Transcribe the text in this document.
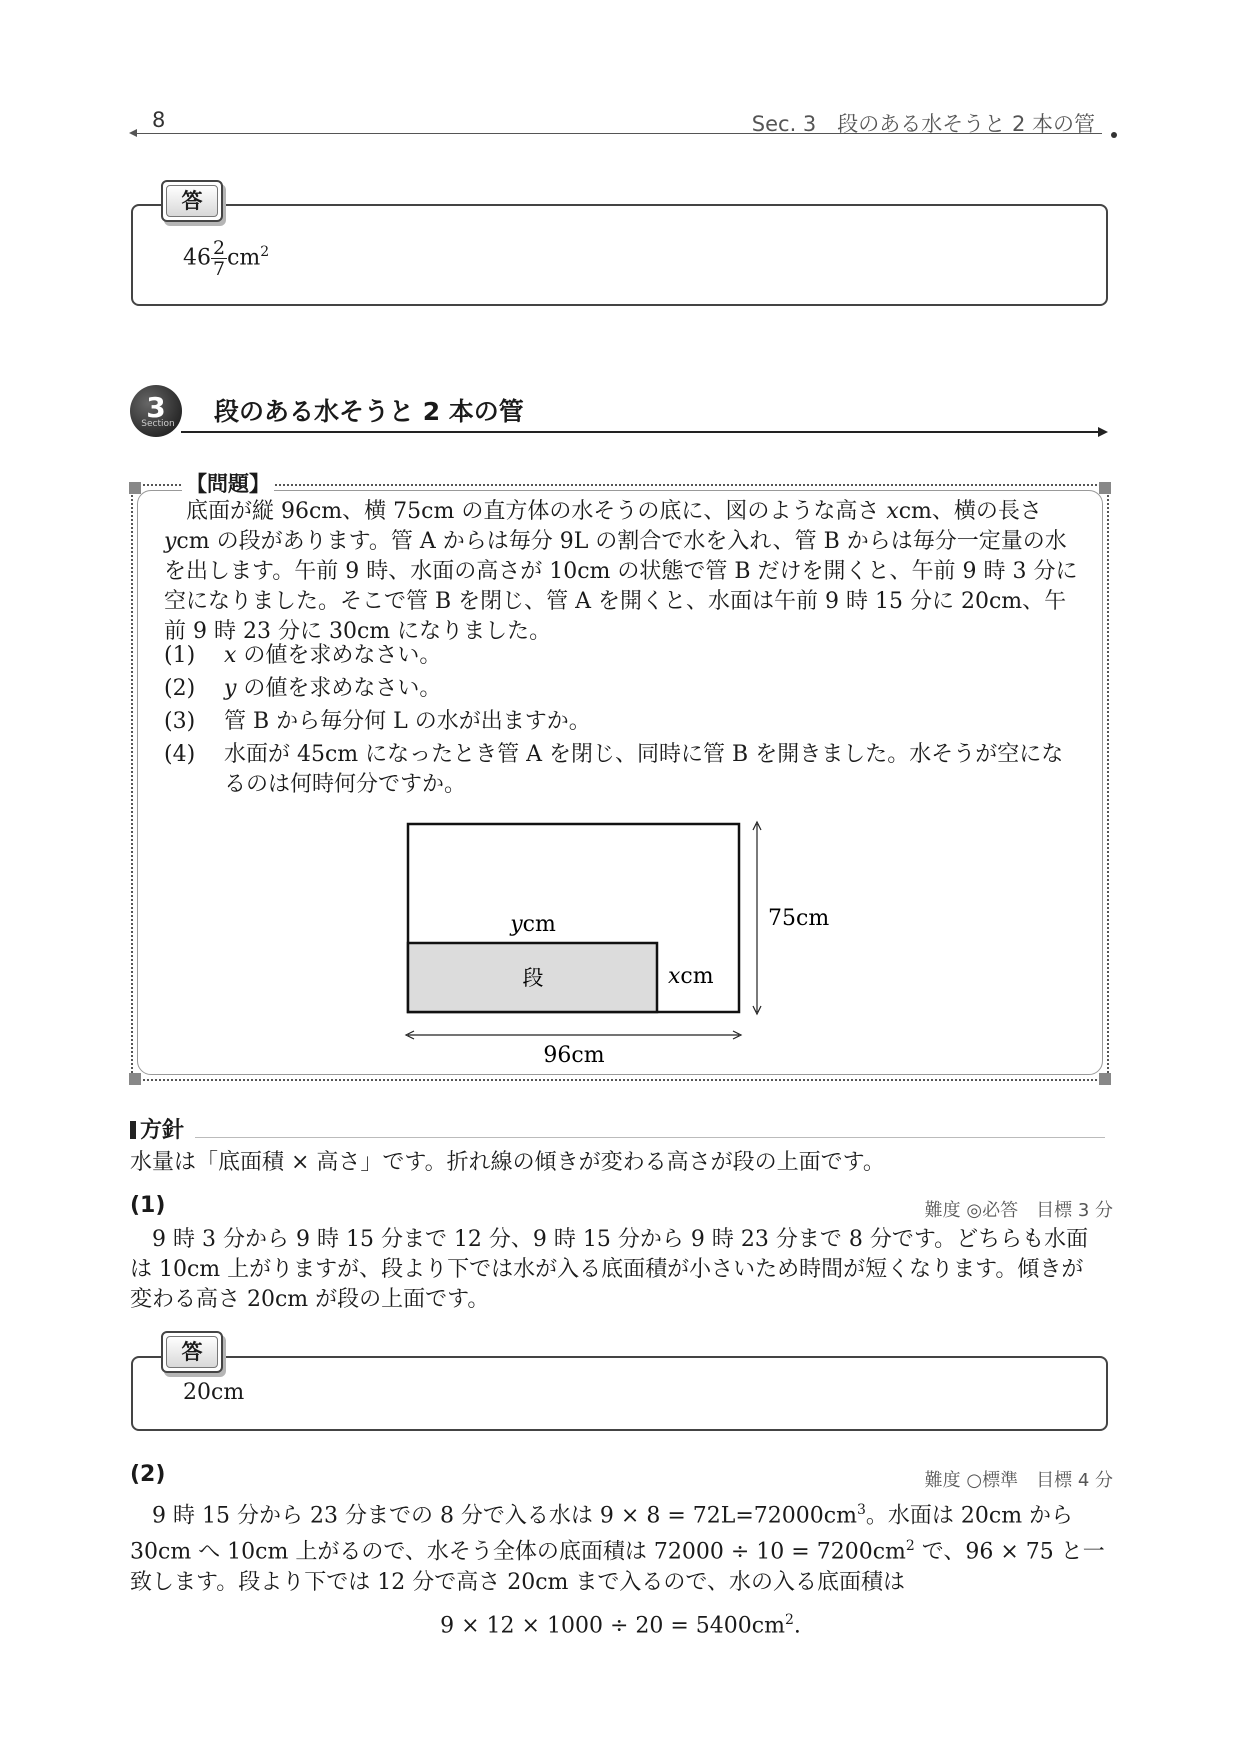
8	Sec. 3　段のある水そうと 2 本の管
$46 \frac{2}{7} cm^2$
答
3
Section 段のある水そうと 2 本の管
【問題】
底面が縦 96cm、横 75cm の直方体の水そうの底に、図のような高さ 𝑥cm、横の長さ 𝑦cm の段があります。管 A からは毎分 9L の割合で水を入れ、管 B からは毎分一定量の水を出します。午前 9 時、水面の高さが 10cm の状態で管 B だけを開くと、午前 9 時 3 分に空になりました。そこで管 B を閉じ、管 A を開くと、水面は午前 9 時 15 分に 20cm、午前 9 時 23 分に 30cm になりました。
(1) 𝑥 の値を求めなさい。
(2) 𝑦 の値を求めなさい。
(3) 管 B から毎分何 L の水が出ますか。
(4) 水面が 45cm になったとき管 A を閉じ、同時に管 B を開きました。水そうが空になるのは何時何分ですか。
𝑦cm
段	𝑥cm
75cm
96cm
方針
水量は「底面積 × 高さ」です。折れ線の傾きが変わる高さが段の上面です。
(1)	難度 ◎必答　目標 3 分
9 時 3 分から 9 時 15 分まで 12 分、9 時 15 分から 9 時 23 分まで 8 分です。どちらも水面は 10cm 上がりますが、段より下では水が入る底面積が小さいため時間が短くなります。傾きが変わる高さ 20cm が段の上面です。
20cm
答
(2)	難度 ○標準　目標 4 分
9 時 15 分から 23 分までの 8 分で入る水は $9 \times 8 = 72L=72000cm^3$。水面は 20cm から 30cm へ 10cm 上がるので、水そう全体の底面積は $72000 \div 10 = 7200cm^2$ で、96 × 75 と一致します。段より下では 12 分で高さ 20cm まで入るので、水の入る底面積は
$9 \times 12 \times 1000 \div 20 = 5400cm^2$.
